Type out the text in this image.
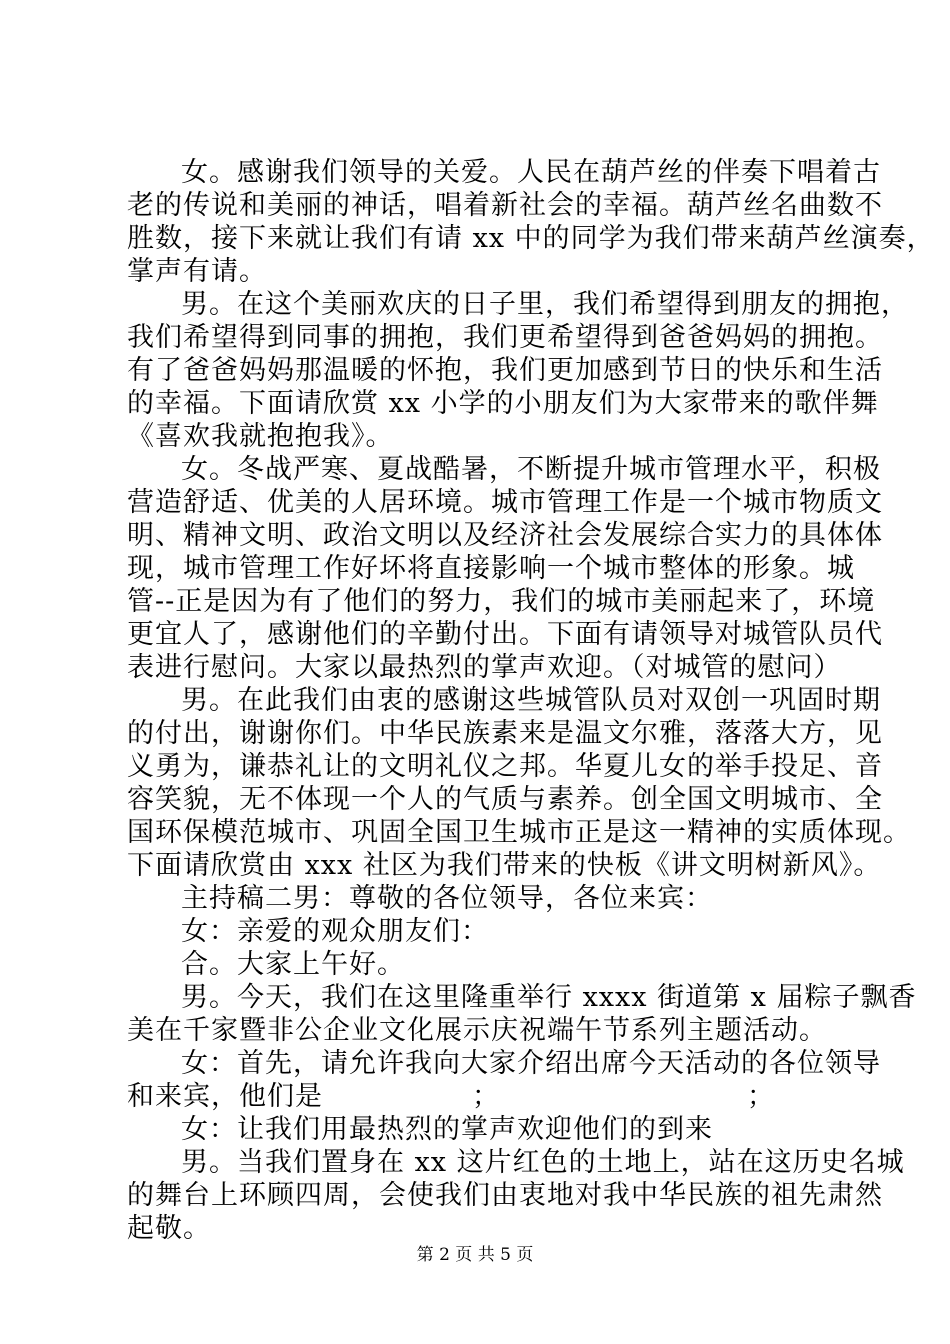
女。感谢我们领导的关爱。人民在葫芦丝的伴奏下唱着古
老的传说和美丽的神话，唱着新社会的幸福。葫芦丝名曲数不
胜数，接下来就让我们有请 xx 中的同学为我们带来葫芦丝演奏，
掌声有请。
男。在这个美丽欢庆的日子里，我们希望得到朋友的拥抱，
我们希望得到同事的拥抱，我们更希望得到爸爸妈妈的拥抱。
有了爸爸妈妈那温暖的怀抱，我们更加感到节日的快乐和生活
的幸福。下面请欣赏 xx 小学的小朋友们为大家带来的歌伴舞
《喜欢我就抱抱我》。
女。冬战严寒、夏战酷暑，不断提升城市管理水平，积极
营造舒适、优美的人居环境。城市管理工作是一个城市物质文
明、精神文明、政治文明以及经济社会发展综合实力的具体体
现，城市管理工作好坏将直接影响一个城市整体的形象。城
管--正是因为有了他们的努力，我们的城市美丽起来了，环境
更宜人了，感谢他们的辛勤付出。下面有请领导对城管队员代
表进行慰问。大家以最热烈的掌声欢迎。（对城管的慰问）
男。在此我们由衷的感谢这些城管队员对双创一巩固时期
的付出，谢谢你们。中华民族素来是温文尔雅，落落大方，见
义勇为，谦恭礼让的文明礼仪之邦。华夏儿女的举手投足、音
容笑貌，无不体现一个人的气质与素养。创全国文明城市、全
国环保模范城市、巩固全国卫生城市正是这一精神的实质体现。
下面请欣赏由 xxx 社区为我们带来的快板《讲文明树新风》。
主持稿二男：尊敬的各位领导，各位来宾：
女：亲爱的观众朋友们：
合。大家上午好。
男。今天，我们在这里隆重举行 xxxx 街道第 x 届粽子飘香
美在千家暨非公企业文化展示庆祝端午节系列主题活动。
女：首先，请允许我向大家介绍出席今天活动的各位领导
和来宾，他们是	；	；
女：让我们用最热烈的掌声欢迎他们的到来
男。当我们置身在 xx 这片红色的土地上，站在这历史名城
的舞台上环顾四周，会使我们由衷地对我中华民族的祖先肃然
起敬。
第 2 页 共 5 页
